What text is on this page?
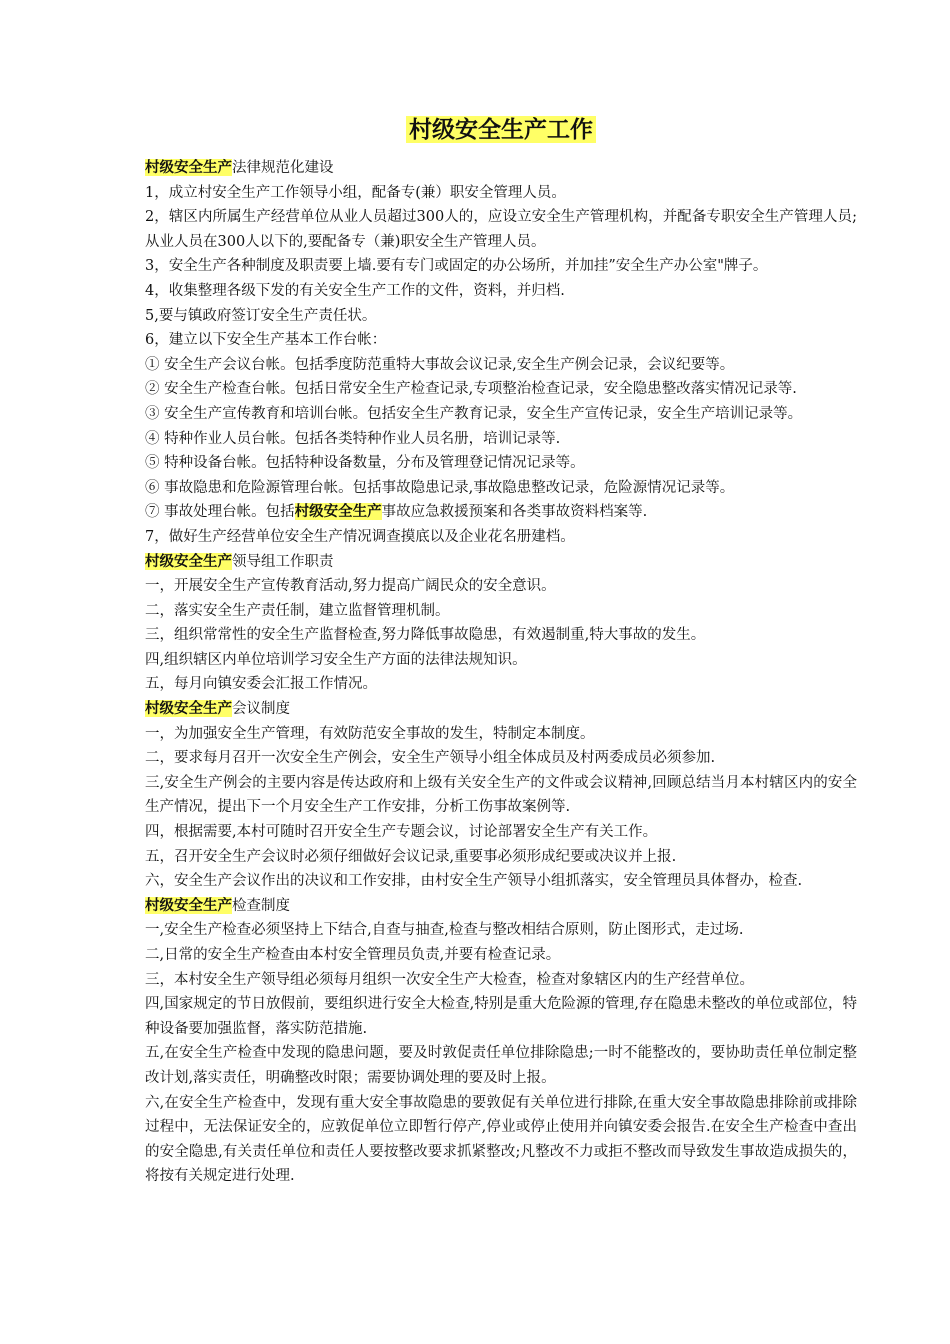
村级安全生产工作

村级安全生产法律规范化建设

1，成立村安全生产工作领导小组，配备专(兼）职安全管理人员。

2，辖区内所属生产经营单位从业人员超过300人的，应设立安全生产管理机构，并配备专职安全生产管理人员;从业人员在300人以下的,要配备专（兼)职安全生产管理人员。

3，安全生产各种制度及职责要上墙.要有专门或固定的办公场所，并加挂”安全生产办公室"牌子。

4，收集整理各级下发的有关安全生产工作的文件，资料，并归档.

5,要与镇政府签订安全生产责任状。

6，建立以下安全生产基本工作台帐：

① 安全生产会议台帐。包括季度防范重特大事故会议记录,安全生产例会记录，会议纪要等。

② 安全生产检查台帐。包括日常安全生产检查记录,专项整治检查记录，安全隐患整改落实情况记录等.

③ 安全生产宣传教育和培训台帐。包括安全生产教育记录，安全生产宣传记录，安全生产培训记录等。

④ 特种作业人员台帐。包括各类特种作业人员名册，培训记录等.

⑤ 特种设备台帐。包括特种设备数量，分布及管理登记情况记录等。

⑥ 事故隐患和危险源管理台帐。包括事故隐患记录,事故隐患整改记录，危险源情况记录等。

⑦ 事故处理台帐。包括村级安全生产事故应急救援预案和各类事故资料档案等.

7，做好生产经营单位安全生产情况调查摸底以及企业花名册建档。

村级安全生产领导组工作职责

一，开展安全生产宣传教育活动,努力提高广阔民众的安全意识。

二，落实安全生产责任制，建立监督管理机制。

三，组织常常性的安全生产监督检查,努力降低事故隐患，有效遏制重,特大事故的发生。

四,组织辖区内单位培训学习安全生产方面的法律法规知识。

五，每月向镇安委会汇报工作情况。

村级安全生产会议制度

一，为加强安全生产管理，有效防范安全事故的发生，特制定本制度。

二，要求每月召开一次安全生产例会，安全生产领导小组全体成员及村两委成员必须参加.

三,安全生产例会的主要内容是传达政府和上级有关安全生产的文件或会议精神,回顾总结当月本村辖区内的安全生产情况，提出下一个月安全生产工作安排，分析工伤事故案例等.

四，根据需要,本村可随时召开安全生产专题会议，讨论部署安全生产有关工作。

五，召开安全生产会议时必须仔细做好会议记录,重要事必须形成纪要或决议并上报.

六，安全生产会议作出的决议和工作安排，由村安全生产领导小组抓落实，安全管理员具体督办，检查.

村级安全生产检查制度

一,安全生产检查必须坚持上下结合,自查与抽查,检查与整改相结合原则，防止图形式，走过场.

二,日常的安全生产检查由本村安全管理员负责,并要有检查记录。

三，本村安全生产领导组必须每月组织一次安全生产大检查，检查对象辖区内的生产经营单位。

四,国家规定的节日放假前，要组织进行安全大检查,特别是重大危险源的管理,存在隐患未整改的单位或部位，特种设备要加强监督，落实防范措施.

五,在安全生产检查中发现的隐患问题，要及时敦促责任单位排除隐患;一时不能整改的，要协助责任单位制定整改计划,落实责任，明确整改时限；需要协调处理的要及时上报。

六,在安全生产检查中，发现有重大安全事故隐患的要敦促有关单位进行排除,在重大安全事故隐患排除前或排除过程中，无法保证安全的，应敦促单位立即暂行停产,停业或停止使用并向镇安委会报告.在安全生产检查中查出的安全隐患,有关责任单位和责任人要按整改要求抓紧整改;凡整改不力或拒不整改而导致发生事故造成损失的，将按有关规定进行处理.
